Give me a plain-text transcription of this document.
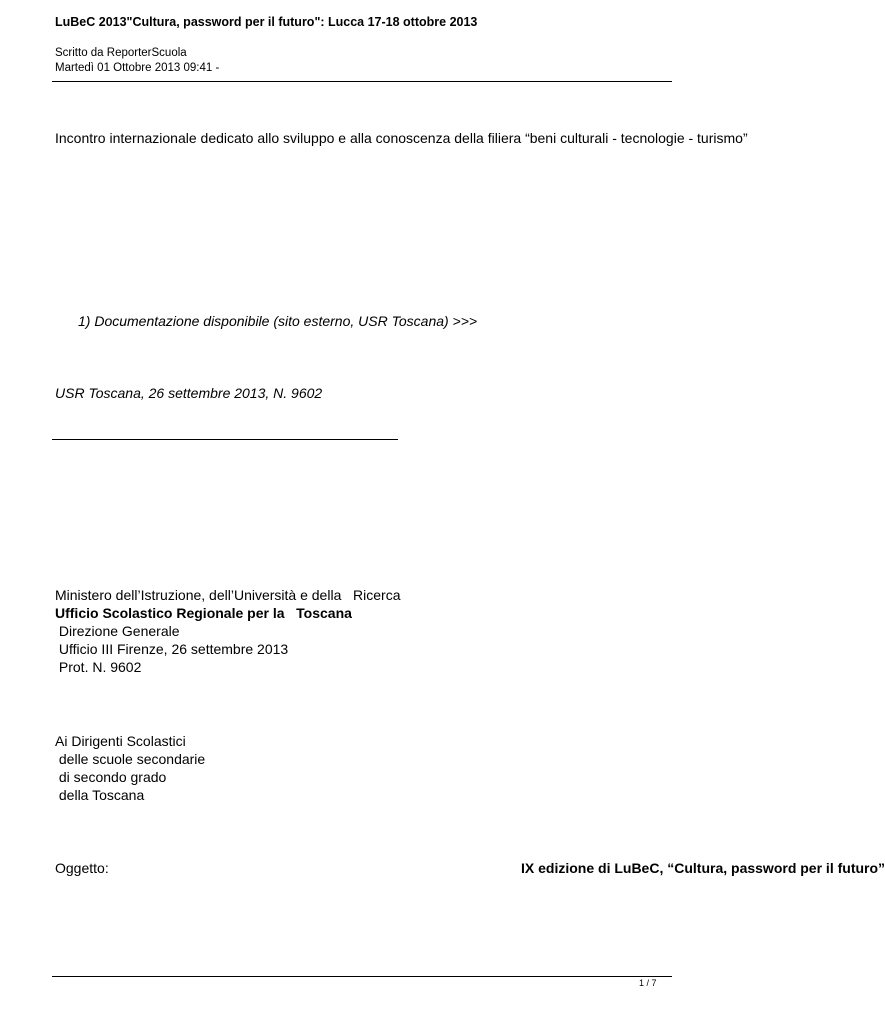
LuBeC 2013"Cultura, password per il futuro": Lucca 17-18 ottobre 2013
Scritto da ReporterScuola
Martedì 01 Ottobre 2013 09:41 -
Incontro internazionale dedicato allo sviluppo e alla conoscenza della filiera “beni culturali - tecnologie - turismo”
1) Documentazione disponibile (sito esterno, USR Toscana) >>>
USR Toscana, 26 settembre 2013, N. 9602
Ministero dell’Istruzione, dell’Università e della   Ricerca
Ufficio Scolastico Regionale per la   Toscana
Direzione Generale
Ufficio III Firenze, 26 settembre 2013
Prot. N. 9602
Ai Dirigenti Scolastici
delle scuole secondarie
di secondo grado
della Toscana
Oggetto:	IX edizione di LuBeC, “Cultura, password per il futuro”
1 / 7
